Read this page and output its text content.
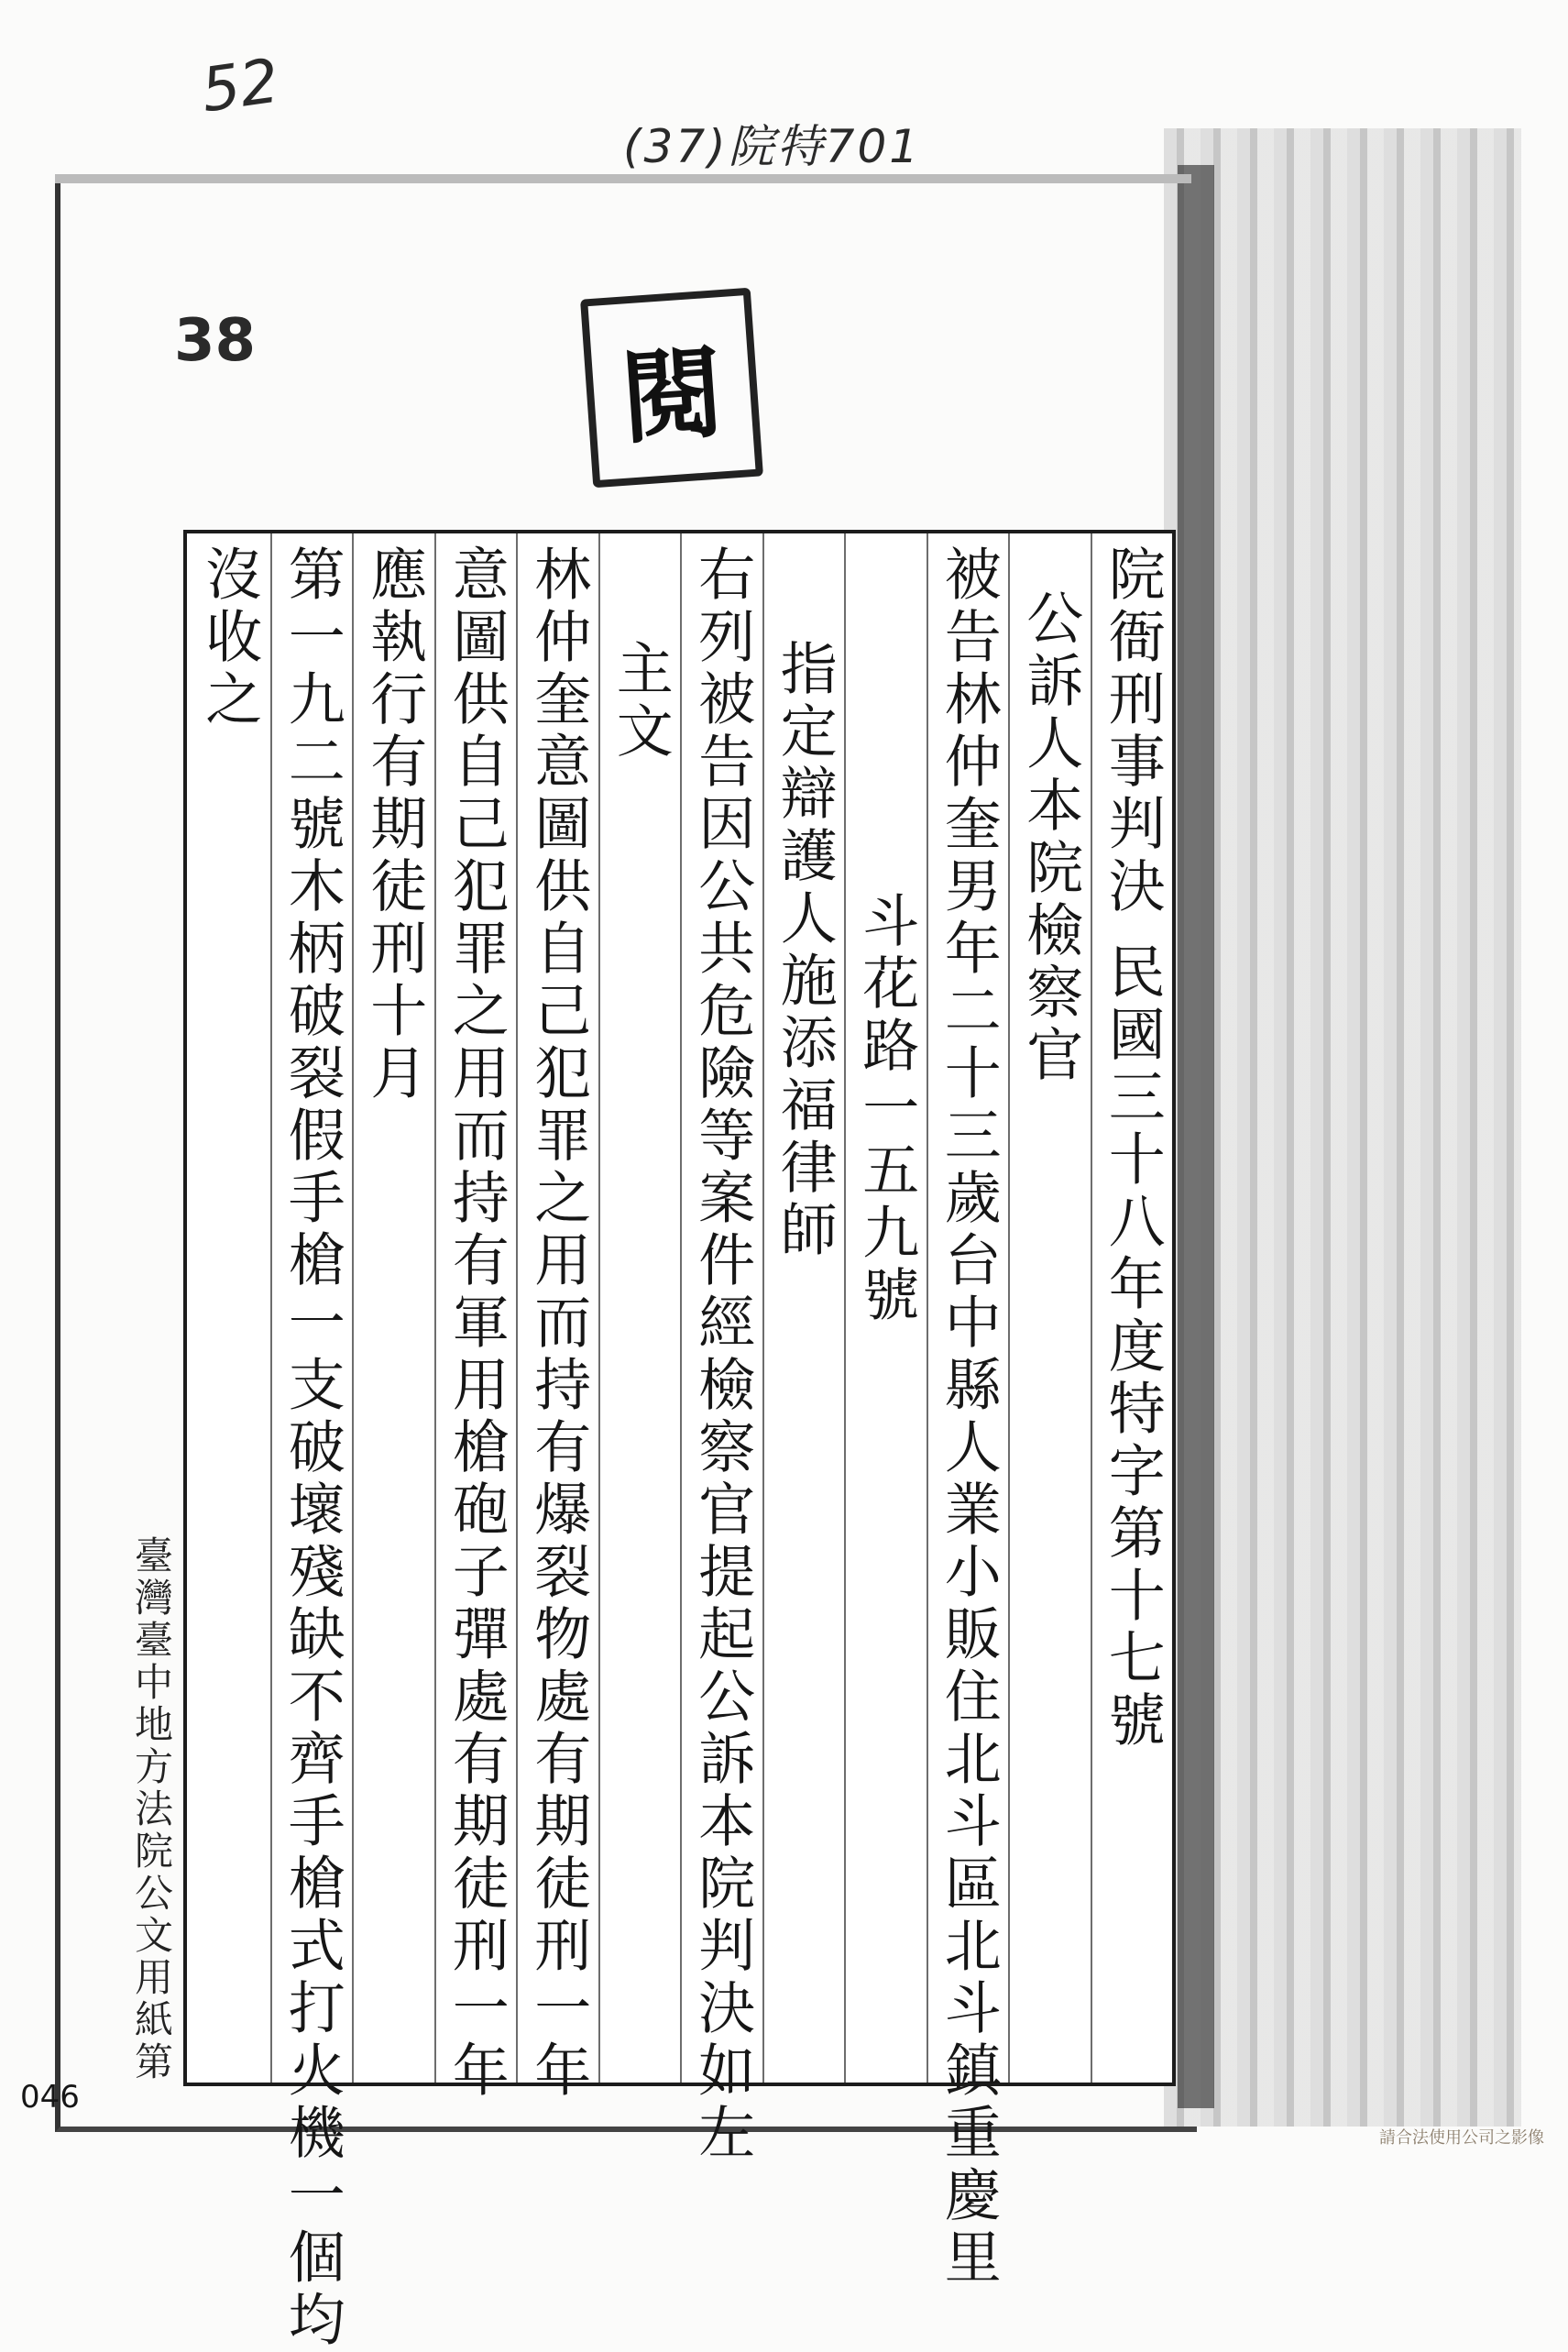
52
(37)院特701
38	閱
院衙刑事判決 民國三十八年度特字第十七號
公訴人本院檢察官
被告林仲奎男年二十三歲台中縣人業小販住北斗區北斗鎮重慶里
斗花路一五九號
指定辯護人施添福律師
右列被告因公共危險等案件經檢察官提起公訴本院判決如左
主文
林仲奎意圖供自己犯罪之用而持有爆裂物處有期徒刑一年
意圖供自己犯罪之用而持有軍用槍砲子彈處有期徒刑一年
應執行有期徒刑十月
第一九二號木柄破裂假手槍一支破壞殘缺不齊手槍式打火機一個均
沒收之
臺灣臺中地方法院公文用紙第
046
請合法使用公司之影像
